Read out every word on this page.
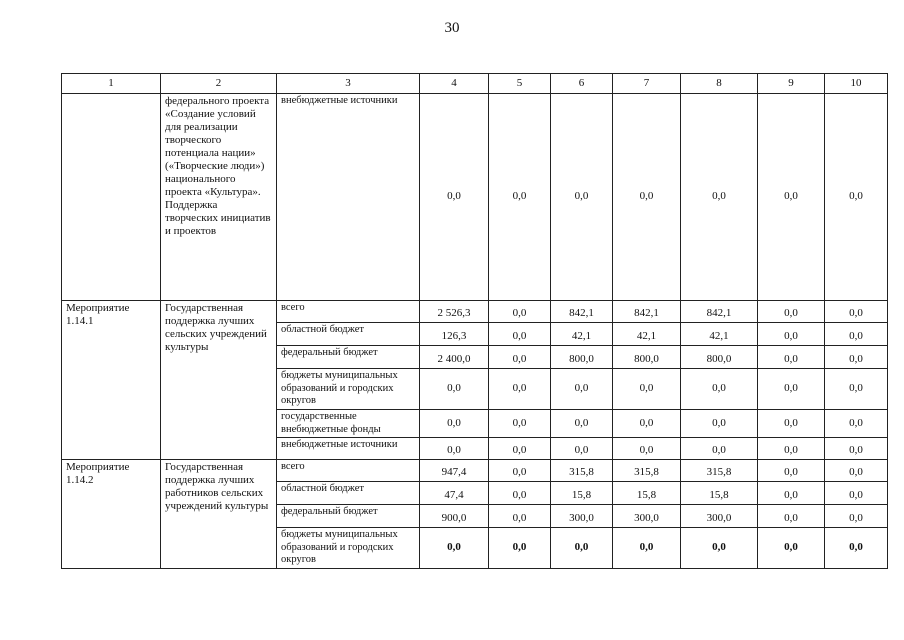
30
1	2	3	4	5	6	7	8	9	10
	федерального проекта «Создание условий для реализации творческого потенциала нации» («Творческие люди») национального проекта «Культура». Поддержка творческих инициатив и проектов	внебюджетные источники	0,0	0,0	0,0	0,0	0,0	0,0	0,0
Мероприятие 1.14.1	Государственная поддержка лучших сельских учреждений культуры	всего	2 526,3	0,0	842,1	842,1	842,1	0,0	0,0
		областной бюджет	126,3	0,0	42,1	42,1	42,1	0,0	0,0
		федеральный бюджет	2 400,0	0,0	800,0	800,0	800,0	0,0	0,0
		бюджеты муниципальных образований и городских округов	0,0	0,0	0,0	0,0	0,0	0,0	0,0
		государственные внебюджетные фонды	0,0	0,0	0,0	0,0	0,0	0,0	0,0
		внебюджетные источники	0,0	0,0	0,0	0,0	0,0	0,0	0,0
Мероприятие 1.14.2	Государственная поддержка лучших работников сельских учреждений культуры	всего	947,4	0,0	315,8	315,8	315,8	0,0	0,0
		областной бюджет	47,4	0,0	15,8	15,8	15,8	0,0	0,0
		федеральный бюджет	900,0	0,0	300,0	300,0	300,0	0,0	0,0
		бюджеты муниципальных образований и городских округов	0,0	0,0	0,0	0,0	0,0	0,0	0,0
